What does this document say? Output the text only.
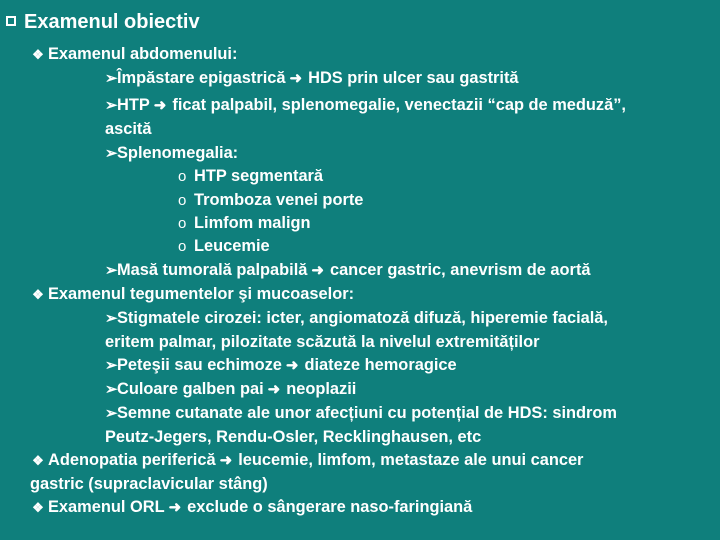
Examenul obiectiv
❖ Examenul abdomenului:
➢Împăstare epigastrică ➜ HDS prin ulcer sau gastrită
➢HTP ➜ ficat palpabil, splenomegalie, venectazii “cap de meduză”,
ascită
➢Splenomegalia:
o HTP segmentară
o Tromboza venei porte
o Limfom malign
o Leucemie
➢Masă tumorală palpabilă ➜ cancer gastric, anevrism de aortă
❖ Examenul tegumentelor şi mucoaselor:
➢Stigmatele cirozei: icter, angiomatoză difuză, hiperemie facială,
eritem palmar, pilozitate scăzută la nivelul extremităților
➢Peteşii sau echimoze ➜ diateze hemoragice
➢Culoare galben pai ➜ neoplazii
➢Semne cutanate ale unor afecțiuni cu potențial de HDS: sindrom
Peutz-Jegers, Rendu-Osler, Recklinghausen, etc
❖ Adenopatia periferică ➜ leucemie, limfom, metastaze ale unui cancer
gastric (supraclavicular stâng)
❖ Examenul ORL ➜ exclude o sângerare naso-faringiană
